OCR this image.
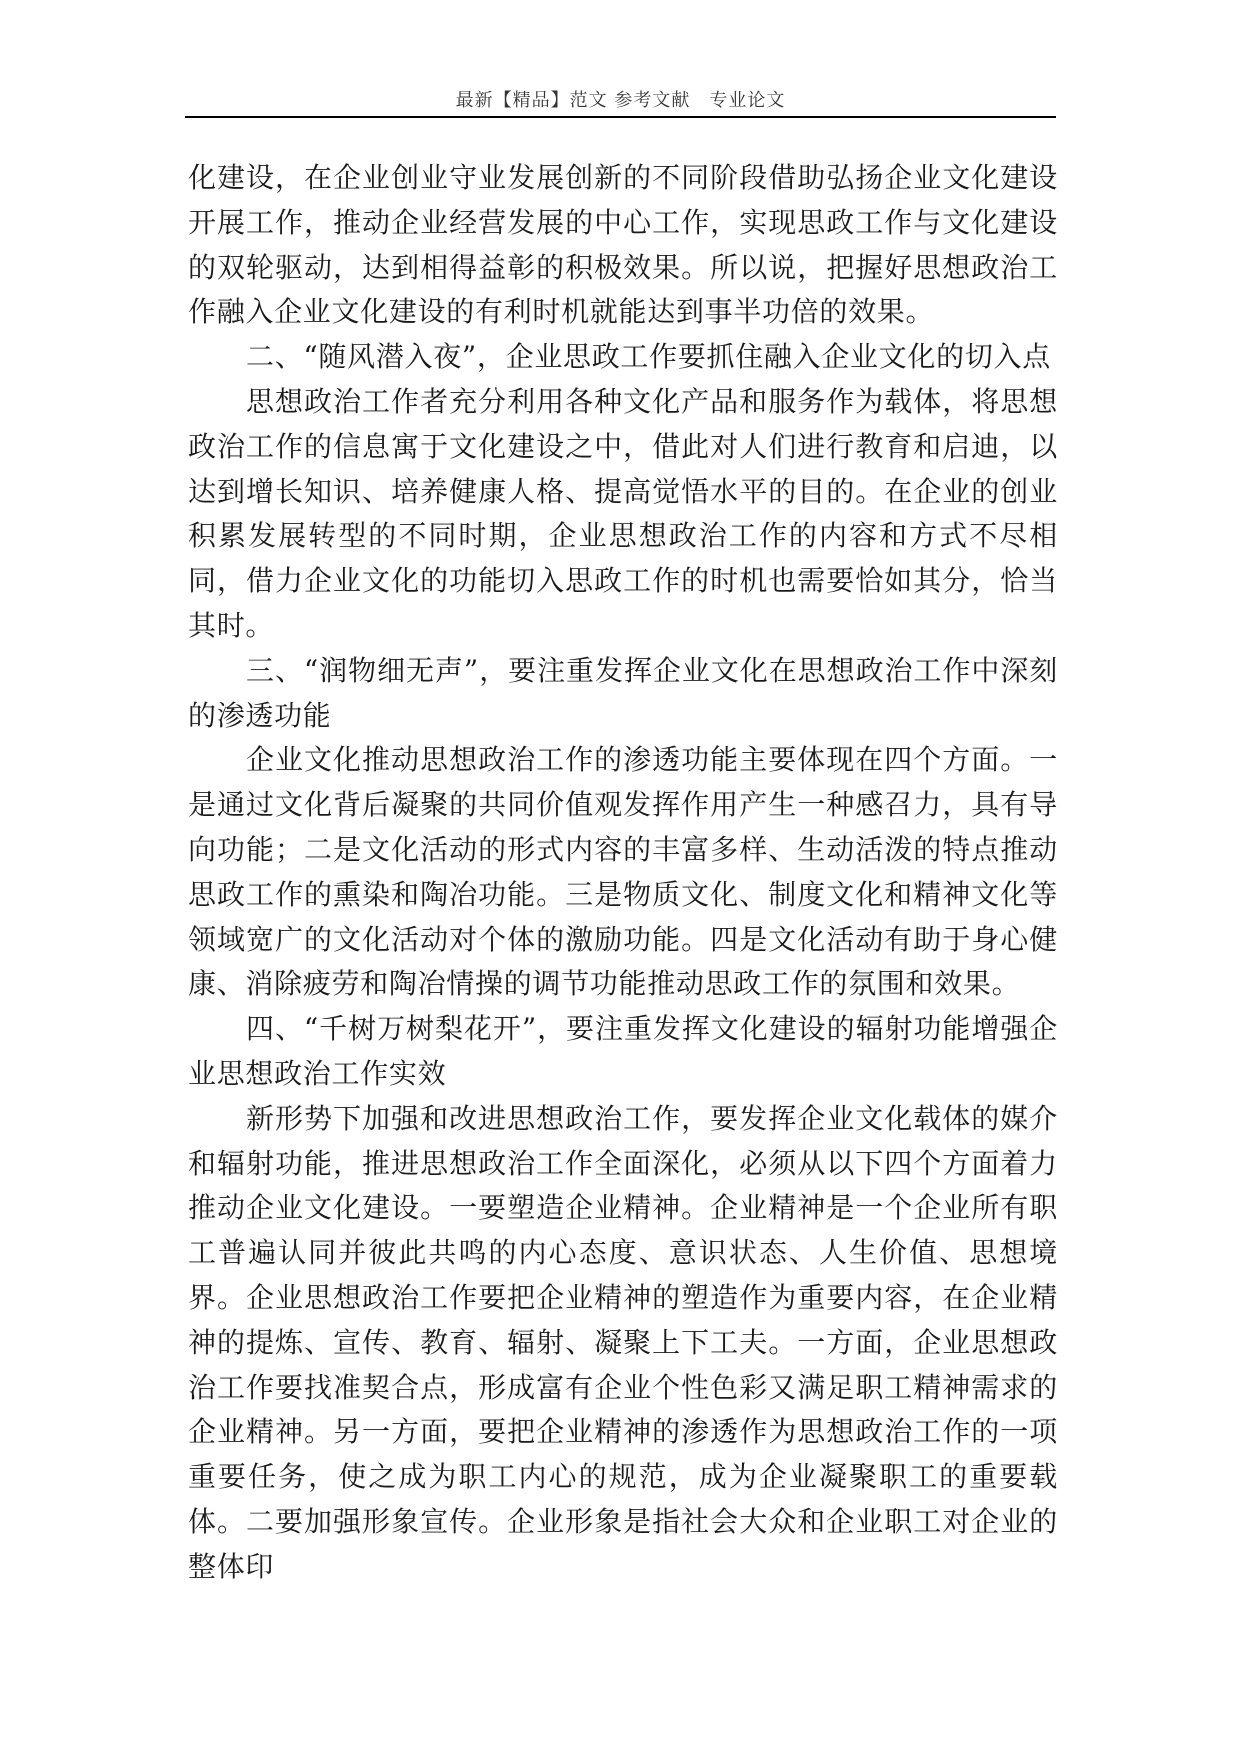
最新【精品】范文 参考文献　专业论文

化建设，在企业创业守业发展创新的不同阶段借助弘扬企业文化建设开展工作，推动企业经营发展的中心工作，实现思政工作与文化建设的双轮驱动，达到相得益彰的积极效果。所以说，把握好思想政治工作融入企业文化建设的有利时机就能达到事半功倍的效果。

二、“随风潜入夜”，企业思政工作要抓住融入企业文化的切入点

思想政治工作者充分利用各种文化产品和服务作为载体，将思想政治工作的信息寓于文化建设之中，借此对人们进行教育和启迪，以达到增长知识、培养健康人格、提高觉悟水平的目的。在企业的创业积累发展转型的不同时期，企业思想政治工作的内容和方式不尽相同，借力企业文化的功能切入思政工作的时机也需要恰如其分，恰当其时。

三、“润物细无声”，要注重发挥企业文化在思想政治工作中深刻的渗透功能

企业文化推动思想政治工作的渗透功能主要体现在四个方面。一是通过文化背后凝聚的共同价值观发挥作用产生一种感召力，具有导向功能；二是文化活动的形式内容的丰富多样、生动活泼的特点推动思政工作的熏染和陶冶功能。三是物质文化、制度文化和精神文化等领域宽广的文化活动对个体的激励功能。四是文化活动有助于身心健康、消除疲劳和陶冶情操的调节功能推动思政工作的氛围和效果。

四、“千树万树梨花开”，要注重发挥文化建设的辐射功能增强企业思想政治工作实效

新形势下加强和改进思想政治工作，要发挥企业文化载体的媒介和辐射功能，推进思想政治工作全面深化，必须从以下四个方面着力推动企业文化建设。一要塑造企业精神。企业精神是一个企业所有职工普遍认同并彼此共鸣的内心态度、意识状态、人生价值、思想境界。企业思想政治工作要把企业精神的塑造作为重要内容，在企业精神的提炼、宣传、教育、辐射、凝聚上下工夫。一方面，企业思想政治工作要找准契合点，形成富有企业个性色彩又满足职工精神需求的企业精神。另一方面，要把企业精神的渗透作为思想政治工作的一项重要任务，使之成为职工内心的规范，成为企业凝聚职工的重要载体。二要加强形象宣传。企业形象是指社会大众和企业职工对企业的整体印
